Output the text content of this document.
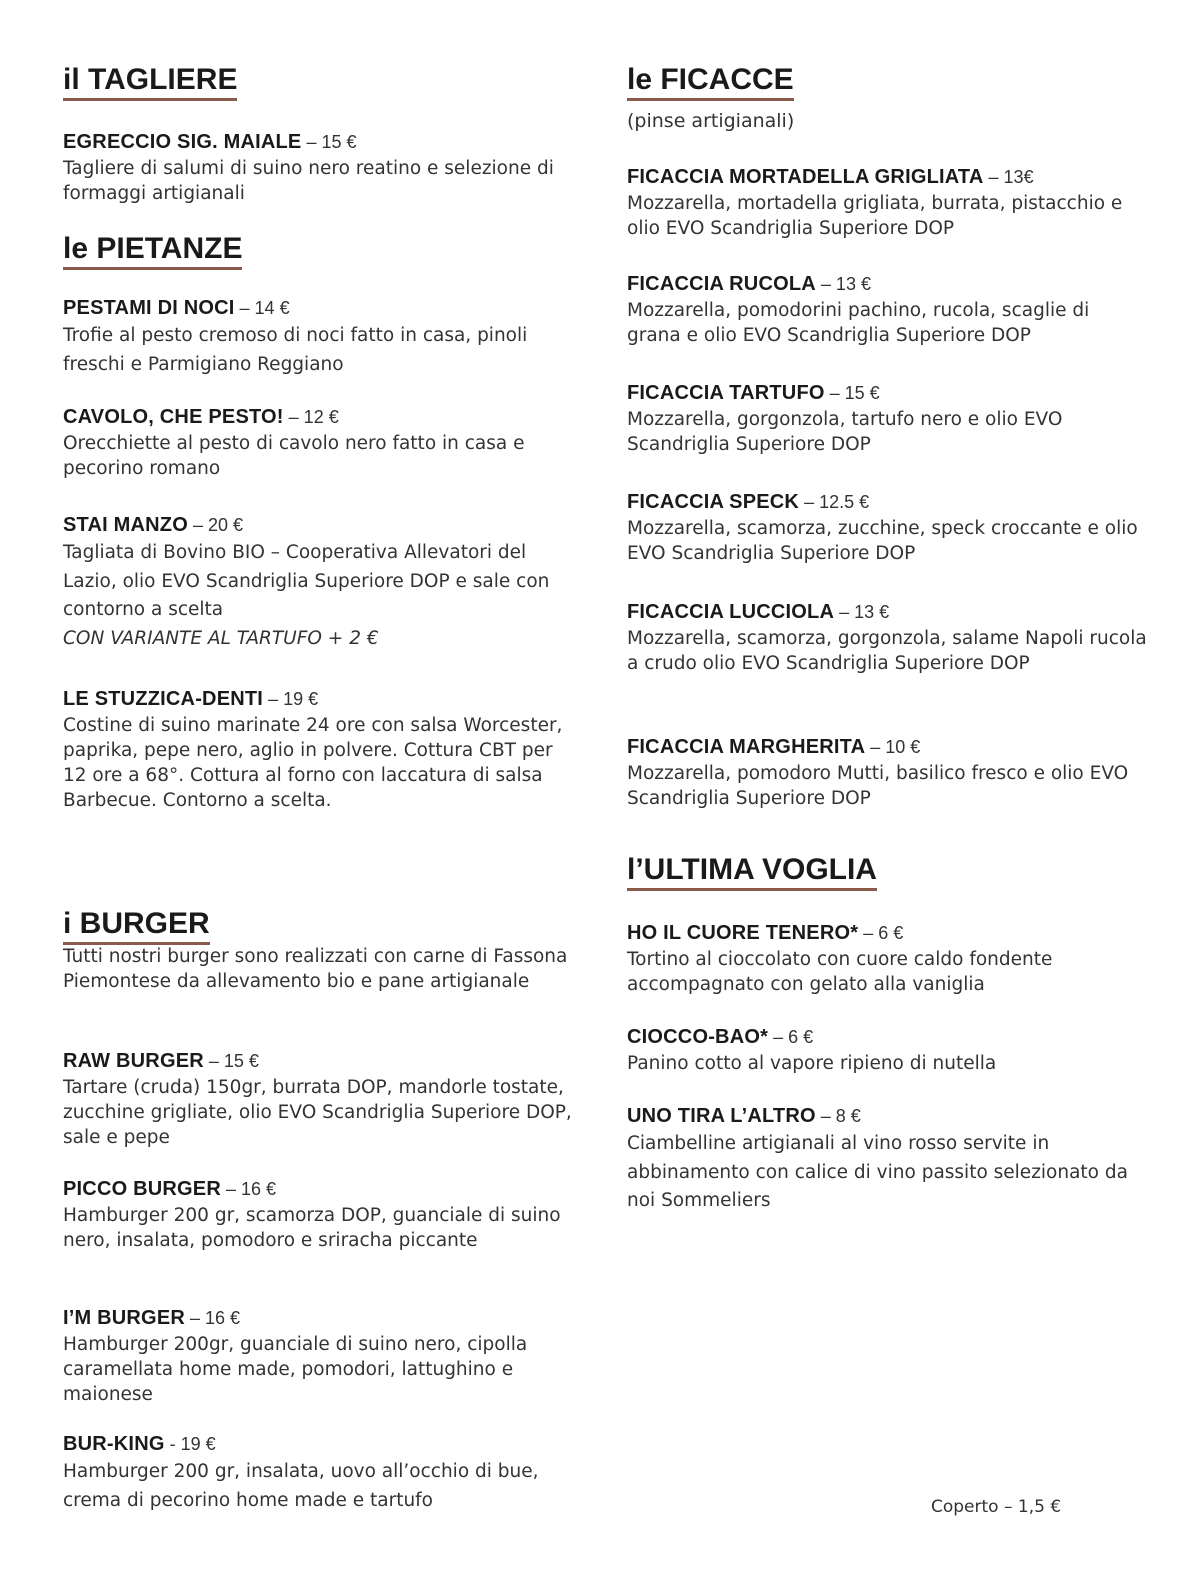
il TAGLIERE
EGRECCIO SIG. MAIALE – 15 €
Tagliere di salumi di suino nero reatino e selezione di formaggi artigianali
le PIETANZE
PESTAMI DI NOCI – 14 €
Trofie al pesto cremoso di noci fatto in casa, pinoli freschi e Parmigiano Reggiano
CAVOLO, CHE PESTO! – 12 €
Orecchiette al pesto di cavolo nero fatto in casa e pecorino romano
STAI MANZO – 20 €
Tagliata di Bovino BIO – Cooperativa Allevatori del Lazio, olio EVO Scandriglia Superiore DOP e sale con contorno a scelta
CON VARIANTE AL TARTUFO + 2 €
LE STUZZICA-DENTI – 19 €
Costine di suino marinate 24 ore con salsa Worcester, paprika, pepe nero, aglio in polvere. Cottura CBT per 12 ore a 68°. Cottura al forno con laccatura di salsa Barbecue. Contorno a scelta.
i BURGER
Tutti nostri burger sono realizzati con carne di Fassona Piemontese da allevamento bio e pane artigianale
RAW BURGER – 15 €
Tartare (cruda) 150gr, burrata DOP, mandorle tostate, zucchine grigliate, olio EVO Scandriglia Superiore DOP, sale e pepe
PICCO BURGER – 16 €
Hamburger 200 gr, scamorza DOP, guanciale di suino nero, insalata, pomodoro e sriracha piccante
I’M BURGER – 16 €
Hamburger 200gr, guanciale di suino nero, cipolla caramellata home made, pomodori, lattughino e maionese
BUR-KING - 19 €
Hamburger 200 gr, insalata, uovo all’occhio di bue, crema di pecorino home made e tartufo
le FICACCE
(pinse artigianali)
FICACCIA MORTADELLA GRIGLIATA – 13€
Mozzarella, mortadella grigliata, burrata, pistacchio e olio EVO Scandriglia Superiore DOP
FICACCIA RUCOLA – 13 €
Mozzarella, pomodorini pachino, rucola, scaglie di grana e olio EVO Scandriglia Superiore DOP
FICACCIA TARTUFO – 15 €
Mozzarella, gorgonzola, tartufo nero e olio EVO Scandriglia Superiore DOP
FICACCIA SPECK – 12.5 €
Mozzarella, scamorza, zucchine, speck croccante e olio EVO Scandriglia Superiore DOP
FICACCIA LUCCIOLA – 13 €
Mozzarella, scamorza, gorgonzola, salame Napoli rucola a crudo olio EVO Scandriglia Superiore DOP
FICACCIA MARGHERITA – 10 €
Mozzarella, pomodoro Mutti, basilico fresco e olio EVO Scandriglia Superiore DOP
l’ULTIMA VOGLIA
HO IL CUORE TENERO* – 6 €
Tortino al cioccolato con cuore caldo fondente accompagnato con gelato alla vaniglia
CIOCCO-BAO* – 6 €
Panino cotto al vapore ripieno di nutella
UNO TIRA L’ALTRO – 8 €
Ciambelline artigianali al vino rosso servite in abbinamento con calice di vino passito selezionato da noi Sommeliers
Coperto – 1,5 €
